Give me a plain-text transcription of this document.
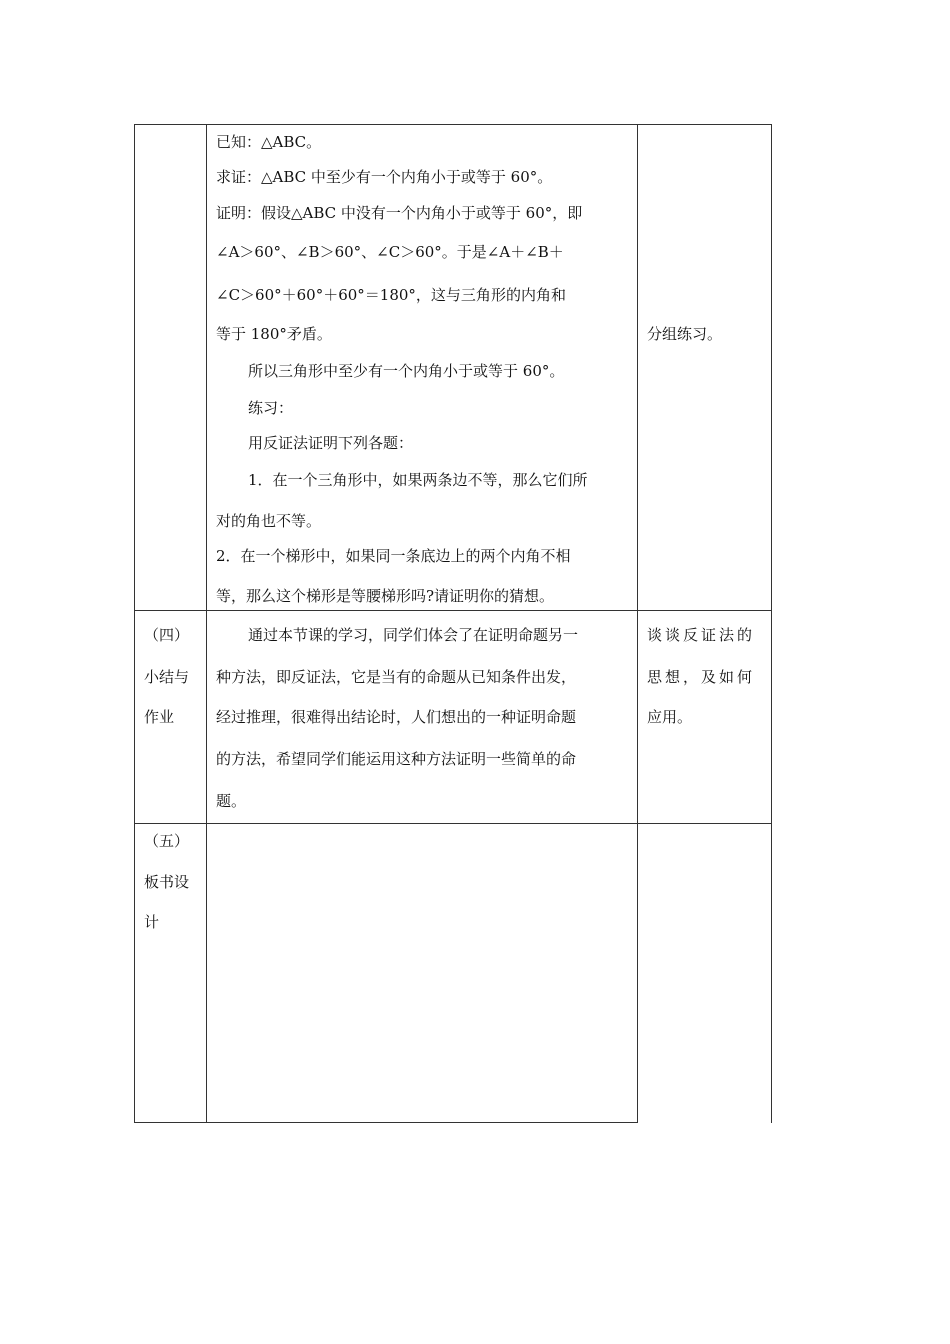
已知：△ABC。
求证：△ABC 中至少有一个内角小于或等于 60°。
证明：假设△ABC 中没有一个内角小于或等于 60°，即
∠A＞60°、∠B＞60°、∠C＞60°。于是∠A＋∠B＋
∠C＞60°＋60°＋60°＝180°，这与三角形的内角和
等于 180°矛盾。
所以三角形中至少有一个内角小于或等于 60°。
练习：
用反证法证明下列各题：
1．在一个三角形中，如果两条边不等，那么它们所
对的角也不等。
2．在一个梯形中，如果同一条底边上的两个内角不相
等，那么这个梯形是等腰梯形吗?请证明你的猜想。
分组练习。
（四）
小结与
作业
通过本节课的学习，同学们体会了在证明命题另一
种方法，即反证法，它是当有的命题从已知条件出发，
经过推理，很难得出结论时，人们想出的一种证明命题
的方法，希望同学们能运用这种方法证明一些简单的命
题。
谈谈反证法的
思想，及如何
应用。
（五）
板书设
计
